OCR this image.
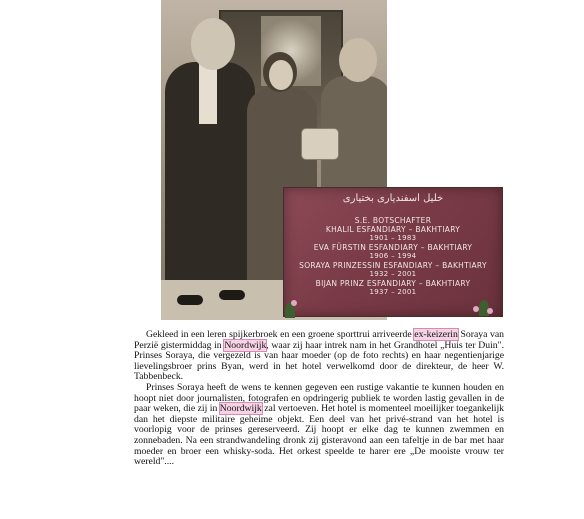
خلیل اسفندیاری بختیاری
S.E. BOTSCHAFTER
KHALIL ESFANDIARY – BAKHTIARY
1901 – 1983
EVA FÜRSTIN ESFANDIARY – BAKHTIARY
1906 – 1994
SORAYA PRINZESSIN ESFANDIARY – BAKHTIARY
1932 – 2001
BIJAN PRINZ ESFANDIARY – BAKHTIARY
1937 – 2001

Gekleed in een leren spijkerbroek en een groene sporttrui arriveerde ex-keizerin Soraya van Perzië gistermiddag in Noordwijk, waar zij haar intrek nam in het Grandhotel „Huis ter Duin". Prinses Soraya, die vergezeld is van haar moeder (op de foto rechts) en haar negentienjarige lievelingsbroer prins Byan, werd in het hotel verwelkomd door de direkteur, de heer W. Tabbenbeck.

Prinses Soraya heeft de wens te kennen gegeven een rustige vakantie te kunnen houden en hoopt niet door journalisten, fotografen en opdringerig publiek te worden lastig gevallen in de paar weken, die zij in Noordwijk zal vertoeven. Het hotel is momenteel moeilijker toegankelijk dan het diepste militaire geheime objekt. Een deel van het privé-strand van het hotel is voorlopig voor de prinses gereserveerd. Zij hoopt er elke dag te kunnen zwemmen en zonnebaden. Na een strandwandeling dronk zij gisteravond aan een tafeltje in de bar met haar moeder en broer een whisky-soda. Het orkest speelde te harer ere „De mooiste vrouw ter wereld"....
